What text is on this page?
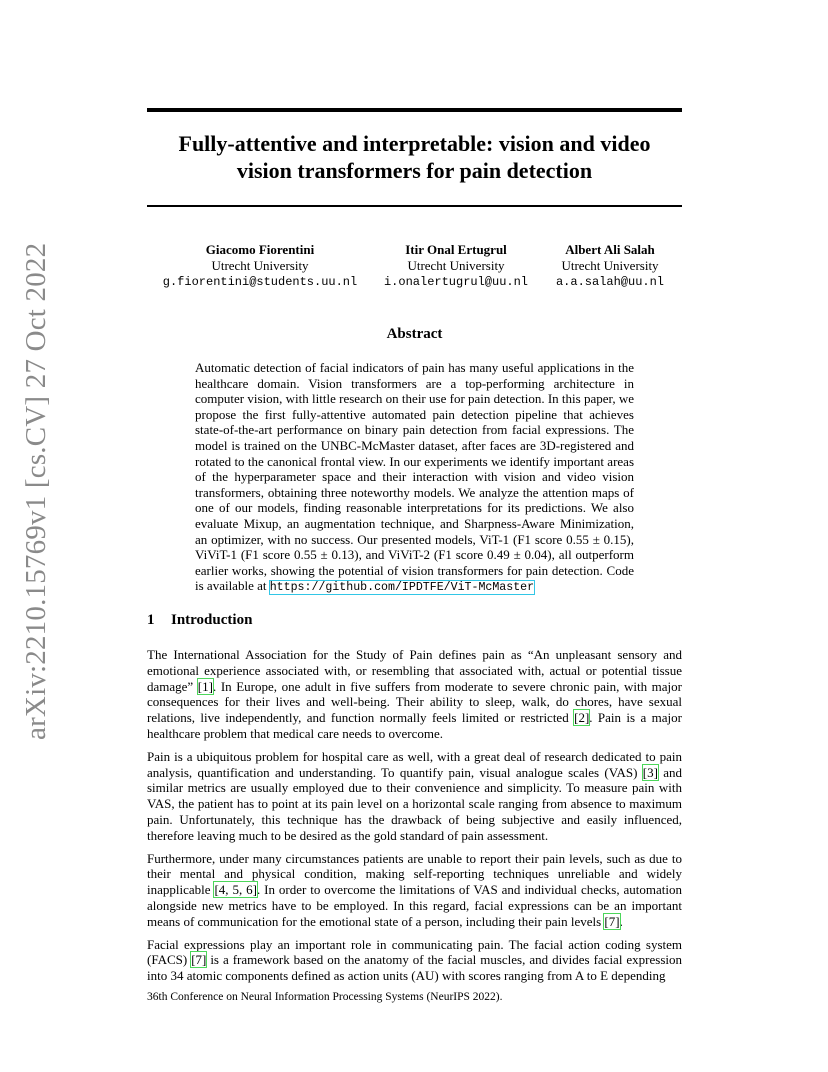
arXiv:2210.15769v1 [cs.CV] 27 Oct 2022
Fully-attentive and interpretable: vision and video
vision transformers for pain detection
Giacomo Fiorentini
Utrecht University
g.fiorentini@students.uu.nl
Itir Onal Ertugrul
Utrecht University
i.onalertugrul@uu.nl
Albert Ali Salah
Utrecht University
a.a.salah@uu.nl
Abstract
Automatic detection of facial indicators of pain has many useful applications in the healthcare domain. Vision transformers are a top-performing architecture in computer vision, with little research on their use for pain detection. In this paper, we propose the first fully-attentive automated pain detection pipeline that achieves state-of-the-art performance on binary pain detection from facial expressions. The model is trained on the UNBC-McMaster dataset, after faces are 3D-registered and rotated to the canonical frontal view. In our experiments we identify important areas of the hyperparameter space and their interaction with vision and video vision transformers, obtaining three noteworthy models. We analyze the attention maps of one of our models, finding reasonable interpretations for its predictions. We also evaluate Mixup, an augmentation technique, and Sharpness-Aware Minimization, an optimizer, with no success. Our presented models, ViT-1 (F1 score 0.55 ± 0.15), ViViT-1 (F1 score 0.55 ± 0.13), and ViViT-2 (F1 score 0.49 ± 0.04), all outperform earlier works, showing the potential of vision transformers for pain detection. Code is available at https://github.com/IPDTFE/ViT-McMaster
1 Introduction

The International Association for the Study of Pain defines pain as “An unpleasant sensory and emotional experience associated with, or resembling that associated with, actual or potential tissue damage” [1]. In Europe, one adult in five suffers from moderate to severe chronic pain, with major consequences for their lives and well-being. Their ability to sleep, walk, do chores, have sexual relations, live independently, and function normally feels limited or restricted [2]. Pain is a major healthcare problem that medical care needs to overcome.

Pain is a ubiquitous problem for hospital care as well, with a great deal of research dedicated to pain analysis, quantification and understanding. To quantify pain, visual analogue scales (VAS) [3] and similar metrics are usually employed due to their convenience and simplicity. To measure pain with VAS, the patient has to point at its pain level on a horizontal scale ranging from absence to maximum pain. Unfortunately, this technique has the drawback of being subjective and easily influenced, therefore leaving much to be desired as the gold standard of pain assessment.

Furthermore, under many circumstances patients are unable to report their pain levels, such as due to their mental and physical condition, making self-reporting techniques unreliable and widely inapplicable [4, 5, 6]. In order to overcome the limitations of VAS and individual checks, automation alongside new metrics have to be employed. In this regard, facial expressions can be an important means of communication for the emotional state of a person, including their pain levels [7].

Facial expressions play an important role in communicating pain. The facial action coding system (FACS) [7] is a framework based on the anatomy of the facial muscles, and divides facial expression into 34 atomic components defined as action units (AU) with scores ranging from A to E depending

36th Conference on Neural Information Processing Systems (NeurIPS 2022).
